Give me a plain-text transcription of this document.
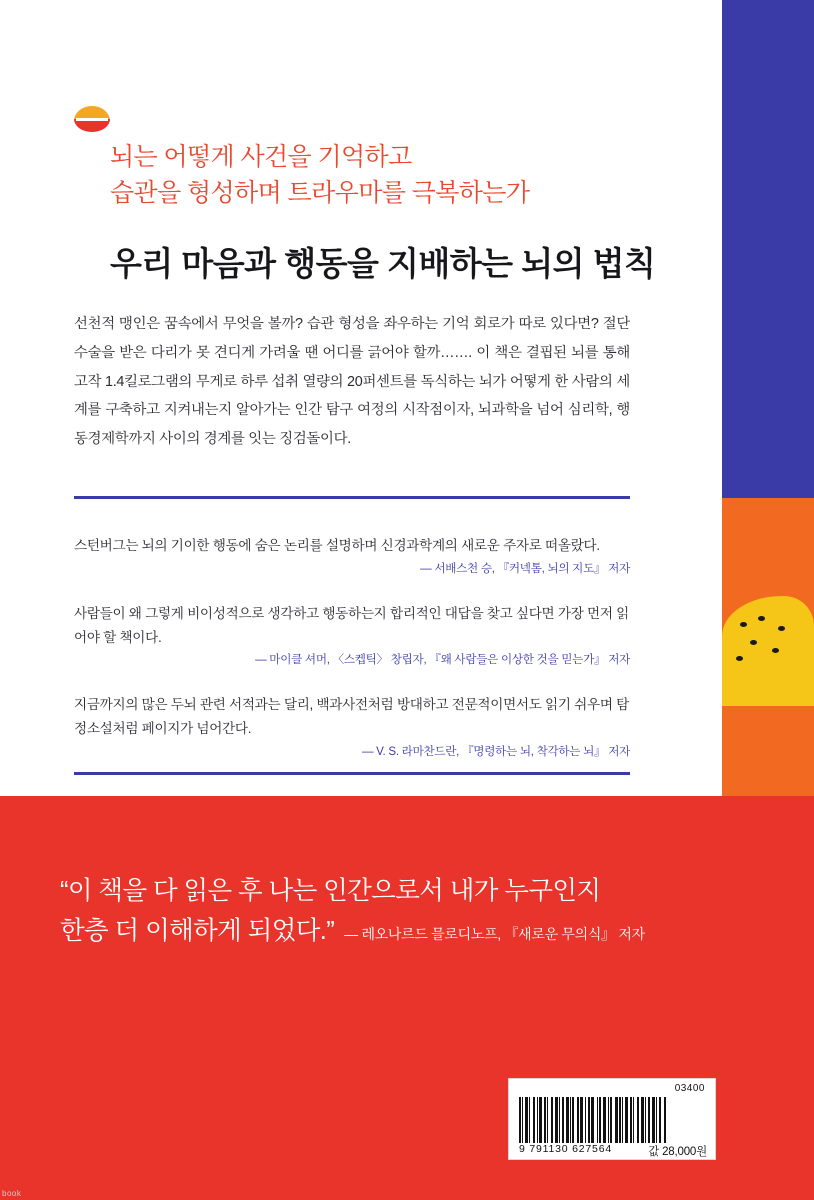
뇌는 어떻게 사건을 기억하고
습관을 형성하며 트라우마를 극복하는가
우리 마음과 행동을 지배하는 뇌의 법칙
선천적 맹인은 꿈속에서 무엇을 볼까? 습관 형성을 좌우하는 기억 회로가 따로 있다면? 절단 수술을 받은 다리가 못 견디게 가려울 땐 어디를 긁어야 할까……. 이 책은 결핍된 뇌를 통해 고작 1.4킬로그램의 무게로 하루 섭취 열량의 20퍼센트를 독식하는 뇌가 어떻게 한 사람의 세계를 구축하고 지켜내는지 알아가는 인간 탐구 여정의 시작점이자, 뇌과학을 넘어 심리학, 행동경제학까지 사이의 경계를 잇는 징검돌이다.
스턴버그는 뇌의 기이한 행동에 숨은 논리를 설명하며 신경과학계의 새로운 주자로 떠올랐다.
— 서배스천 승, 『커넥톰, 뇌의 지도』 저자
사람들이 왜 그렇게 비이성적으로 생각하고 행동하는지 합리적인 대답을 찾고 싶다면 가장 먼저 읽어야 할 책이다.
— 마이클 셔머, 〈스켑틱〉 창립자, 『왜 사람들은 이상한 것을 믿는가』 저자
지금까지의 많은 두뇌 관련 서적과는 달리, 백과사전처럼 방대하고 전문적이면서도 읽기 쉬우며 탐정소설처럼 페이지가 넘어간다.
— V. S. 라마찬드란, 『명령하는 뇌, 착각하는 뇌』 저자
“이 책을 다 읽은 후 나는 인간으로서 내가 누구인지
한층 더 이해하게 되었다.” — 레오나르드 믈로디노프, 『새로운 무의식』 저자
03400
9 791130 627564	값 28,000원
book
